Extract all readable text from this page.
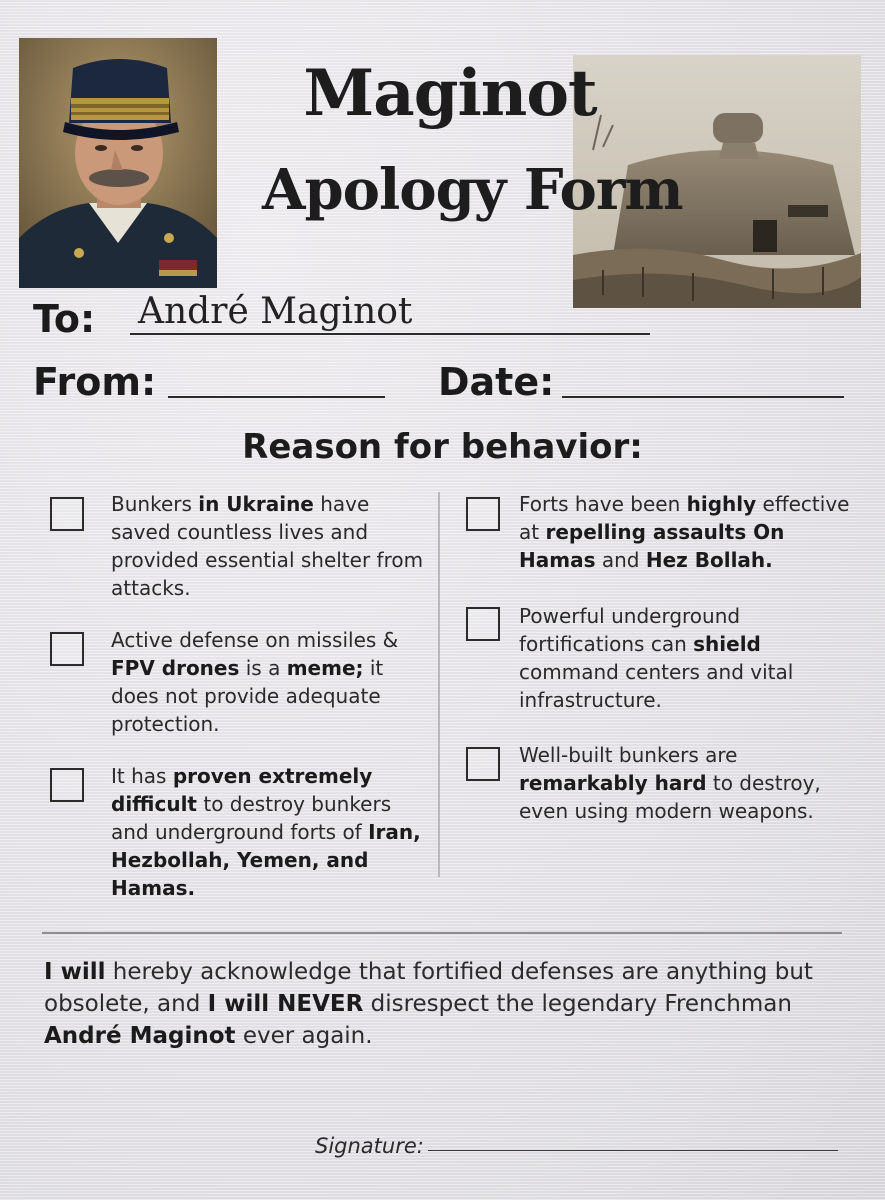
Maginot
Apology Form
To: André Maginot
From:	Date:
Reason for behavior:
Bunkers in Ukraine have saved countless lives and provided essential shelter from attacks.
Active defense on missiles & FPV drones is a meme; it does not provide adequate protection.
It has proven extremely difficult to destroy bunkers and underground forts of Iran, Hezbollah, Yemen, and Hamas.
Forts have been highly effective at repelling assaults On Hamas and Hez Bollah.
Powerful underground fortifications can shield command centers and vital infrastructure.
Well-built bunkers are remarkably hard to destroy, even using modern weapons.
I will hereby acknowledge that fortified defenses are anything but obsolete, and I will NEVER disrespect the legendary Frenchman André Maginot ever again.
Signature:
